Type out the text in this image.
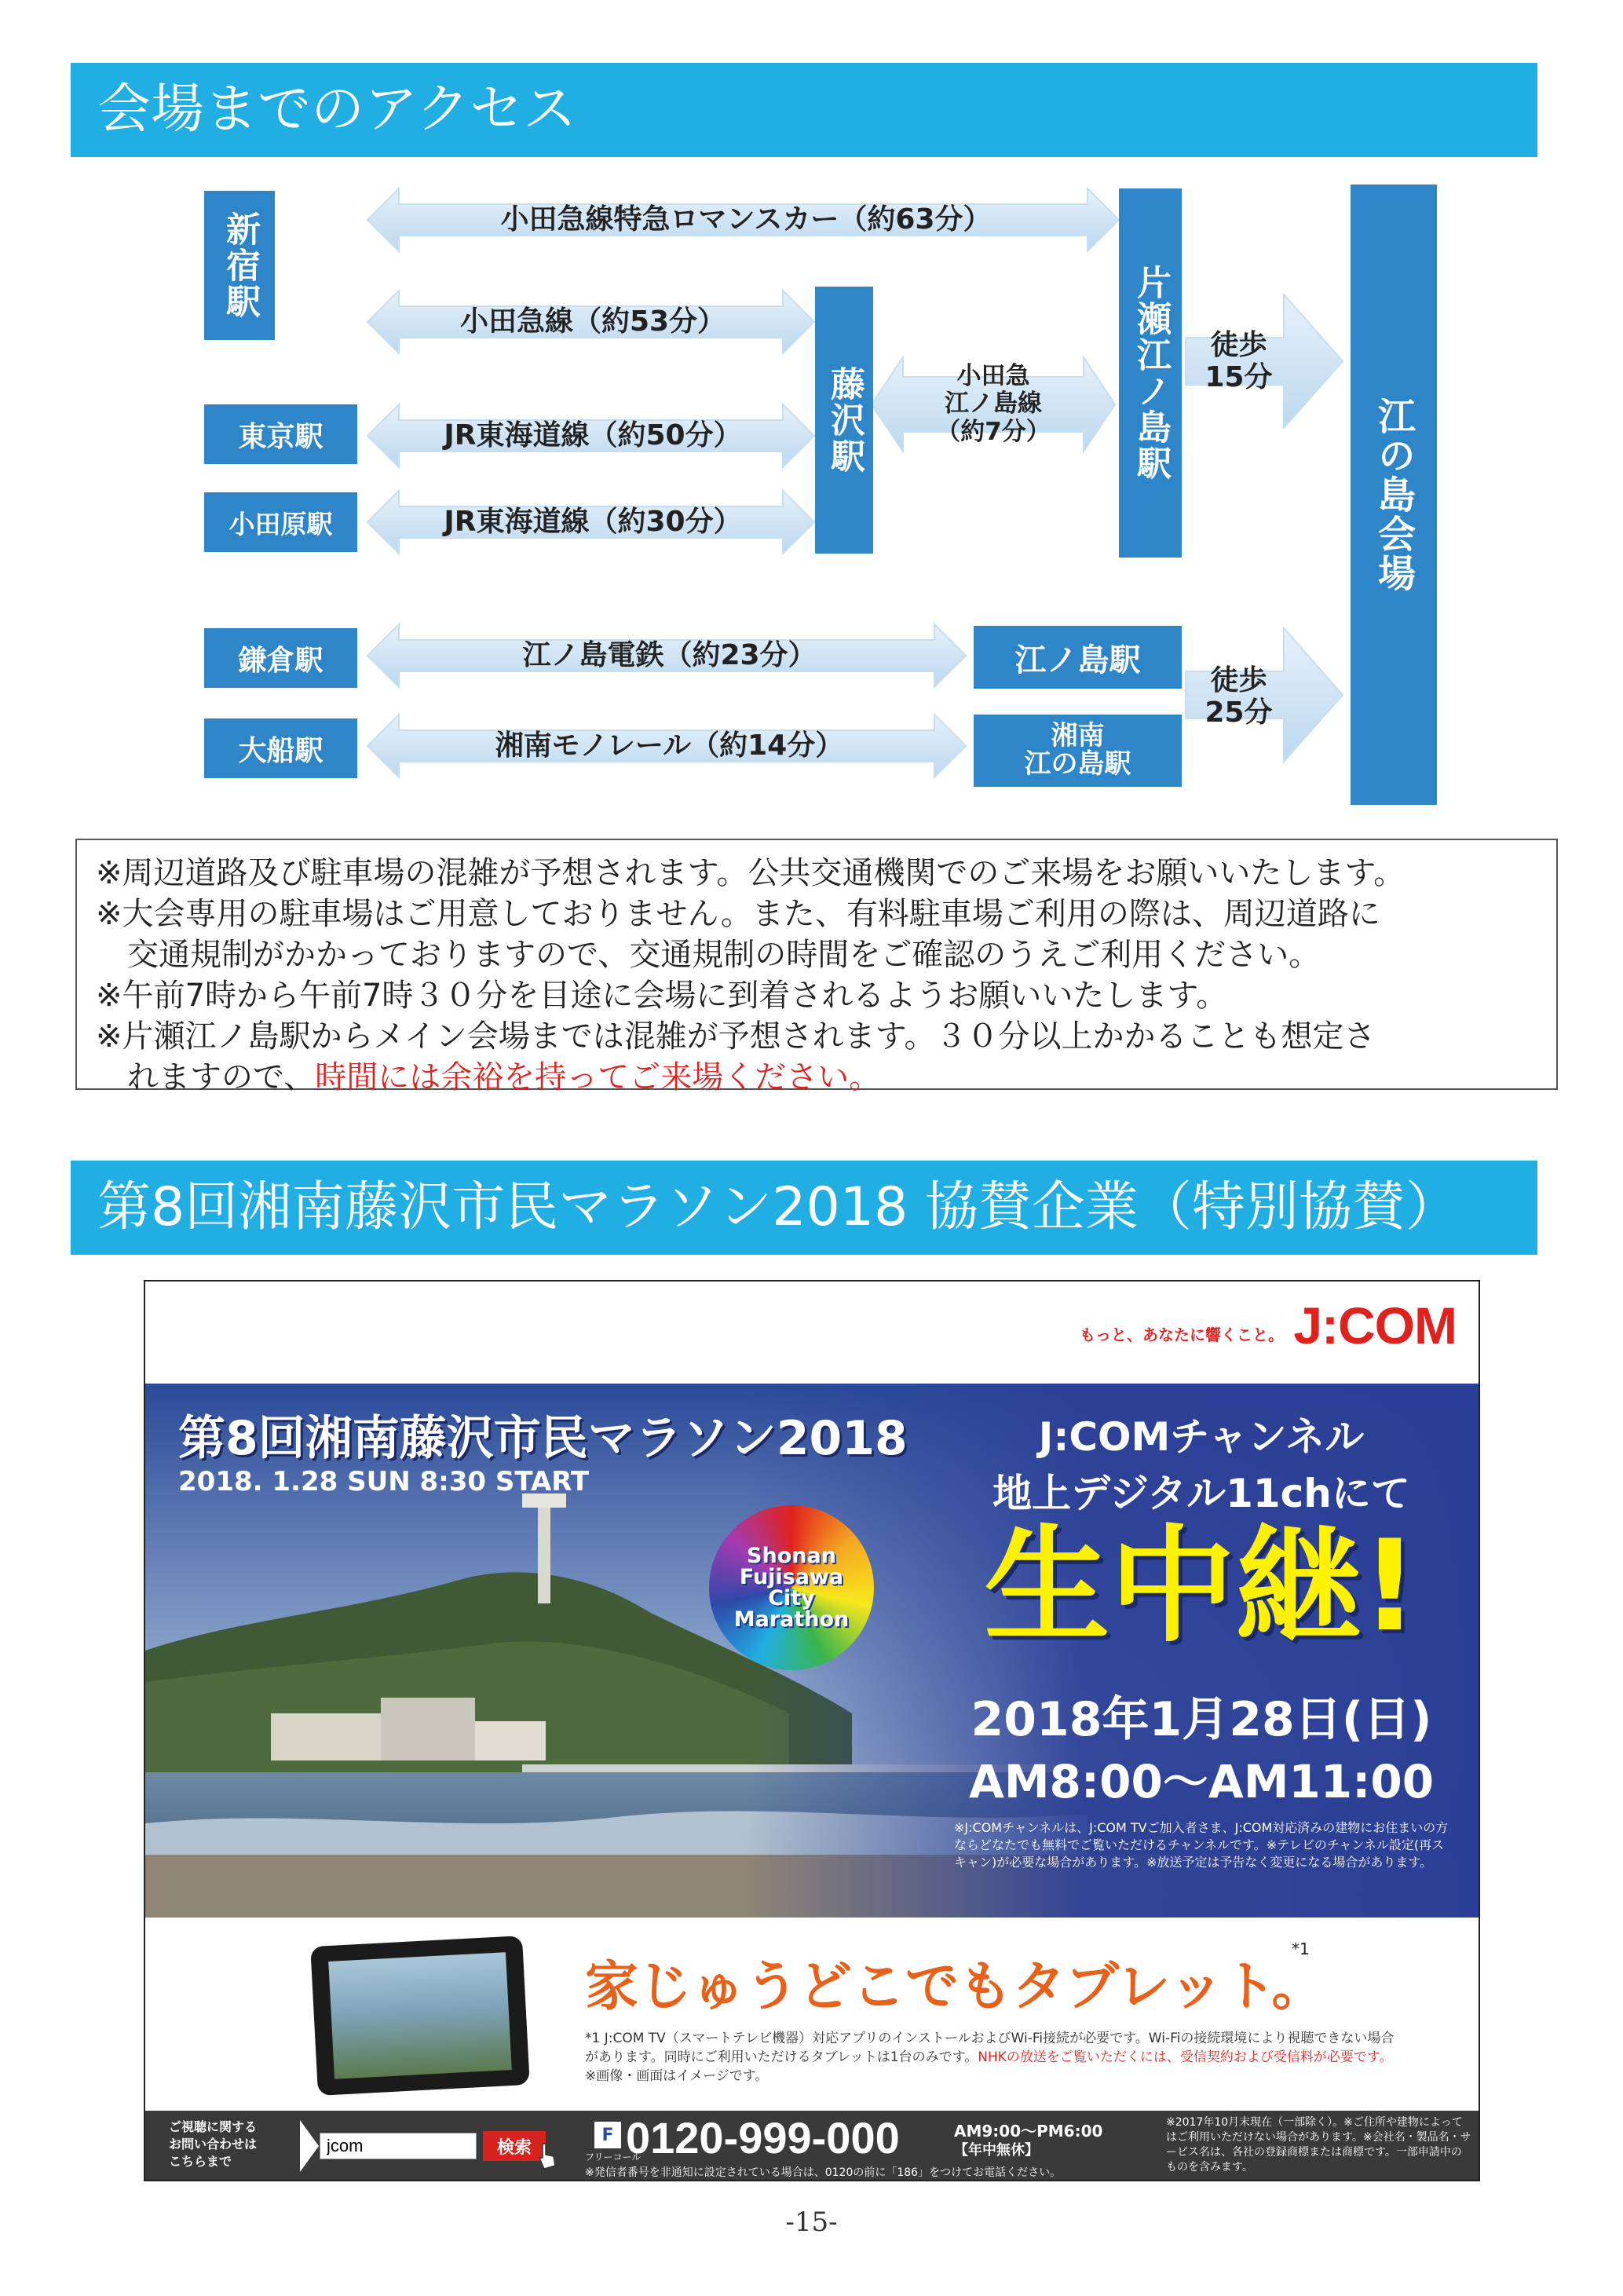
会場までのアクセス
新宿駅
東京駅
小田原駅
鎌倉駅
大船駅
藤沢駅	片瀬江ノ島駅
江の島会場
江ノ島駅
湘南
江の島駅
小田急線特急ロマンスカー（約63分）
小田急線（約53分）
JR東海道線（約50分）
JR東海道線（約30分）
小田急
江ノ島線
（約7分）
江ノ島電鉄（約23分）
湘南モノレール（約14分）
徒歩
15分
徒歩
25分
※周辺道路及び駐車場の混雑が予想されます。公共交通機関でのご来場をお願いいたします。
※大会専用の駐車場はご用意しておりません。また、有料駐車場ご利用の際は、周辺道路に
交通規制がかかっておりますので、交通規制の時間をご確認のうえご利用ください。
※午前7時から午前7時３０分を目途に会場に到着されるようお願いいたします。
※片瀬江ノ島駅からメイン会場までは混雑が予想されます。３０分以上かかることも想定さ
れますので、時間には余裕を持ってご来場ください。
第8回湘南藤沢市民マラソン2018 協賛企業（特別協賛）
もっと、あなたに響くこと。 J:COM
第8回湘南藤沢市民マラソン2018
2018. 1.28 SUN 8:30 START
Shonan
Fujisawa
City
Marathon
J:COMチャンネル
地上デジタル11chにて
生中継!
2018年1月28日(日)
AM8:00〜AM11:00
※J:COMチャンネルは、J:COM TVご加入者さま、J:COM対応済みの建物にお住まいの方ならどなたでも無料でご覧いただけるチャンネルです。※テレビのチャンネル設定(再スキャン)が必要な場合があります。※放送予定は予告なく変更になる場合があります。
家じゅうどこでもタブレット。
*1
*1 J:COM TV（スマートテレビ機器）対応アプリのインストールおよびWi-Fi接続が必要です。Wi-Fiの接続環境により視聴できない場合があります。同時にご利用いただけるタブレットは1台のみです。NHKの放送をご覧いただくには、受信契約および受信料が必要です。※画像・画面はイメージです。
ご視聴に関する
お問い合わせは
こちらまで
jcom
検索
F
フリーコール
0120-999-000	AM9:00〜PM6:00
【年中無休】
※発信者番号を非通知に設定されている場合は、0120の前に「186」をつけてお電話ください。
※2017年10月末現在（一部除く）。※ご住所や建物によってはご利用いただけない場合があります。※会社名・製品名・サービス名は、各社の登録商標または商標です。一部申請中のものを含みます。
-15-
